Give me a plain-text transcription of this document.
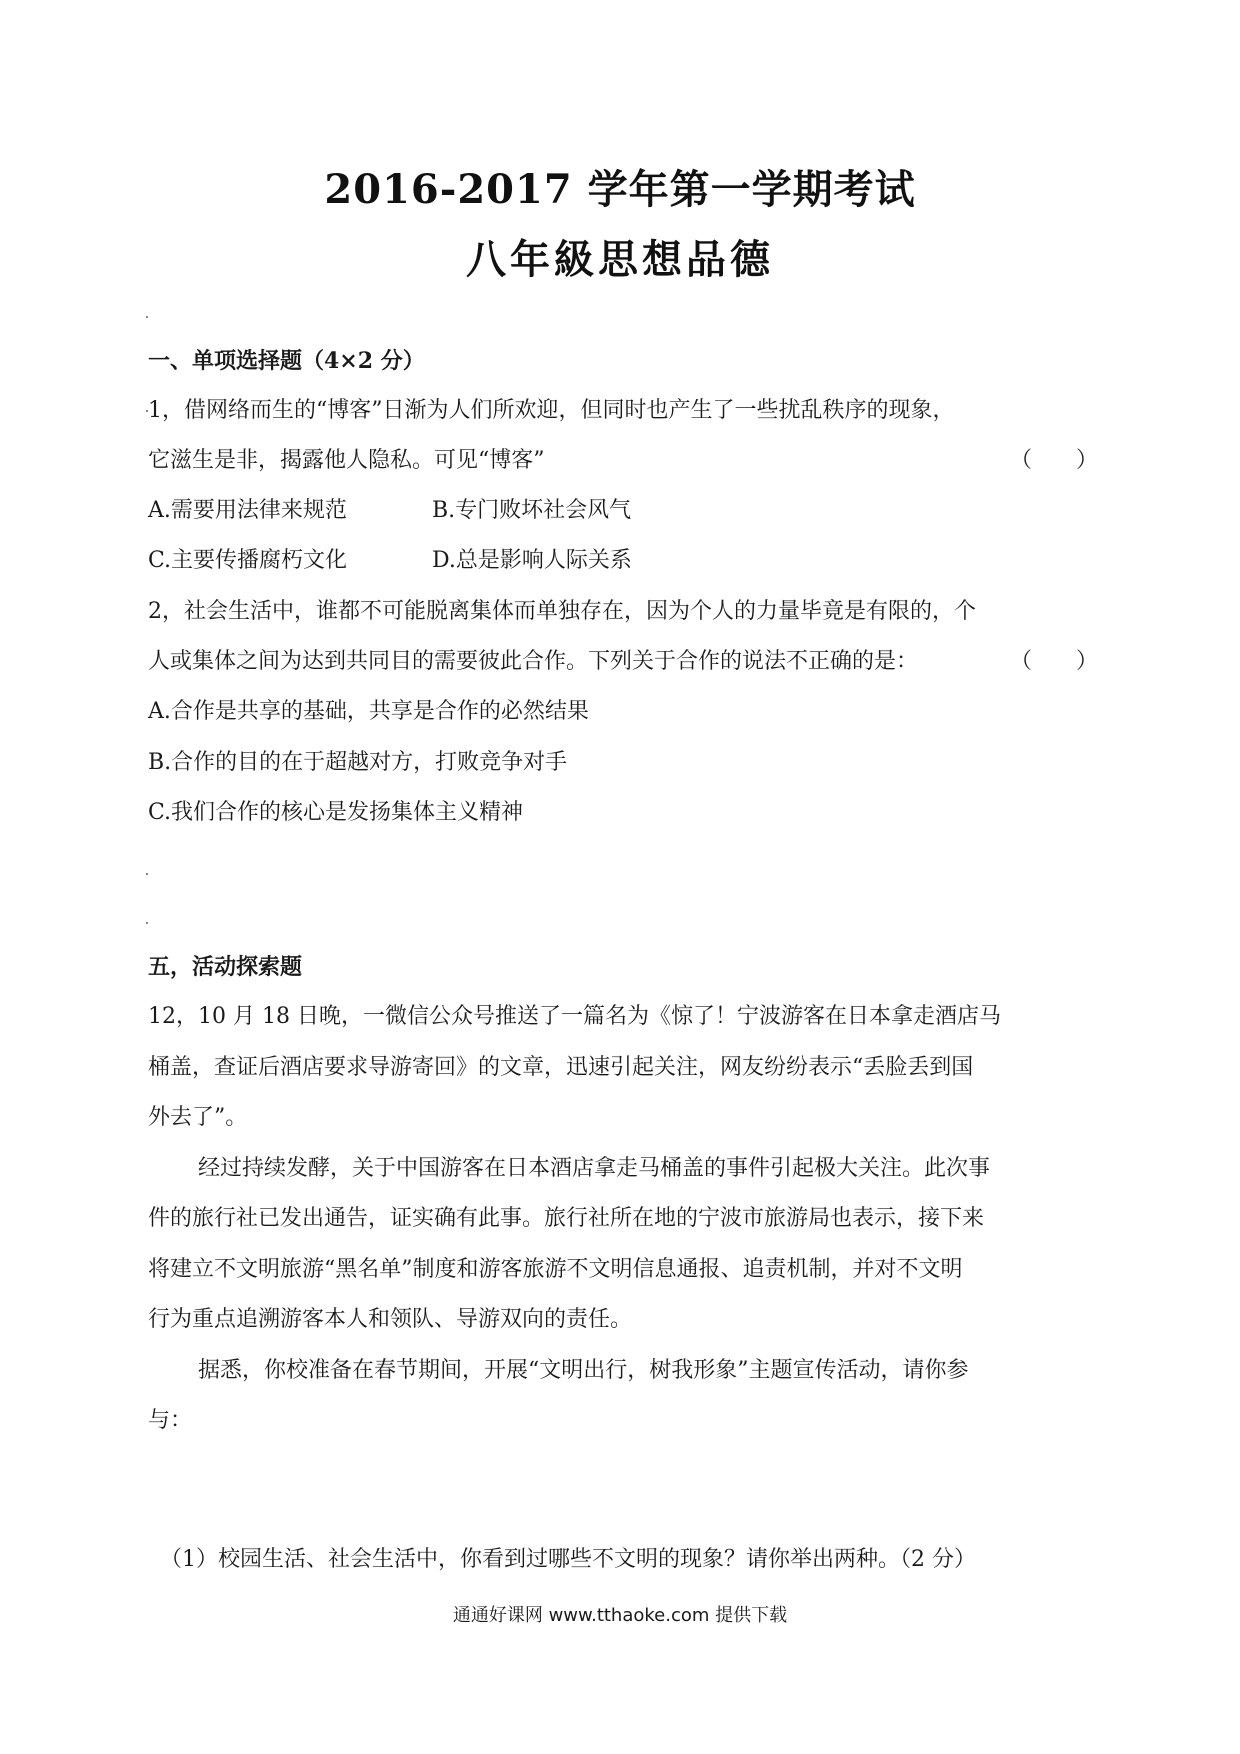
2016-2017 学年第一学期考试
八年級思想品德
一、单项选择题（4×2 分）
1，借网络而生的“博客”日渐为人们所欢迎，但同时也产生了一些扰乱秩序的现象，
它滋生是非，揭露他人隐私。可见“博客”	（　　）
A.需要用法律来规范	B.专门败坏社会风气
C.主要传播腐朽文化	D.总是影响人际关系
2，社会生活中，谁都不可能脱离集体而单独存在，因为个人的力量毕竟是有限的，个
人或集体之间为达到共同目的需要彼此合作。下列关于合作的说法不正确的是：	（　　）
A.合作是共享的基础，共享是合作的必然结果
B.合作的目的在于超越对方，打败竞争对手
C.我们合作的核心是发扬集体主义精神
五，活动探索题
12，10 月 18 日晚，一微信公众号推送了一篇名为《惊了！宁波游客在日本拿走酒店马
桶盖，查证后酒店要求导游寄回》的文章，迅速引起关注，网友纷纷表示“丢脸丢到国
外去了”。
经过持续发酵，关于中国游客在日本酒店拿走马桶盖的事件引起极大关注。此次事
件的旅行社已发出通告，证实确有此事。旅行社所在地的宁波市旅游局也表示，接下来
将建立不文明旅游“黑名单”制度和游客旅游不文明信息通报、追责机制，并对不文明
行为重点追溯游客本人和领队、导游双向的责任。
据悉，你校准备在春节期间，开展“文明出行，树我形象”主题宣传活动，请你参
与：
（1）校园生活、社会生活中，你看到过哪些不文明的现象？请你举出两种。（2 分）
通通好课网 www.tthaoke.com 提供下载
